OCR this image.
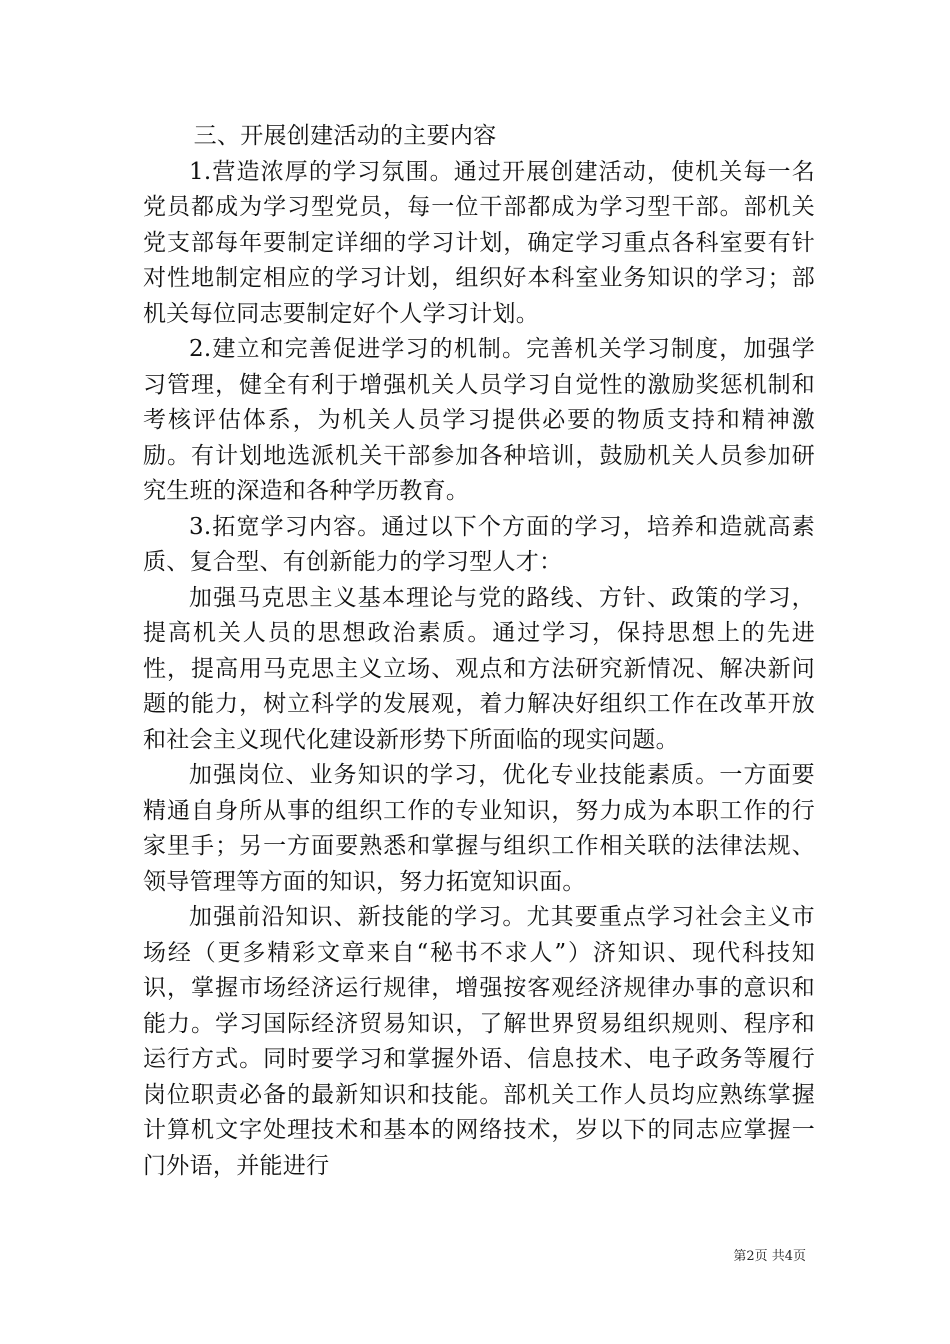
三、开展创建活动的主要内容

1.营造浓厚的学习氛围。通过开展创建活动，使机关每一名党员都成为学习型党员，每一位干部都成为学习型干部。部机关党支部每年要制定详细的学习计划，确定学习重点各科室要有针对性地制定相应的学习计划，组织好本科室业务知识的学习；部机关每位同志要制定好个人学习计划。

2.建立和完善促进学习的机制。完善机关学习制度，加强学习管理，健全有利于增强机关人员学习自觉性的激励奖惩机制和考核评估体系，为机关人员学习提供必要的物质支持和精神激励。有计划地选派机关干部参加各种培训，鼓励机关人员参加研究生班的深造和各种学历教育。

3.拓宽学习内容。通过以下个方面的学习，培养和造就高素质、复合型、有创新能力的学习型人才：

加强马克思主义基本理论与党的路线、方针、政策的学习，提高机关人员的思想政治素质。通过学习，保持思想上的先进性，提高用马克思主义立场、观点和方法研究新情况、解决新问题的能力，树立科学的发展观，着力解决好组织工作在改革开放和社会主义现代化建设新形势下所面临的现实问题。

加强岗位、业务知识的学习，优化专业技能素质。一方面要精通自身所从事的组织工作的专业知识，努力成为本职工作的行家里手；另一方面要熟悉和掌握与组织工作相关联的法律法规、领导管理等方面的知识，努力拓宽知识面。

加强前沿知识、新技能的学习。尤其要重点学习社会主义市场经（更多精彩文章来自“秘书不求人”）济知识、现代科技知识，掌握市场经济运行规律，增强按客观经济规律办事的意识和能力。学习国际经济贸易知识，了解世界贸易组织规则、程序和运行方式。同时要学习和掌握外语、信息技术、电子政务等履行岗位职责必备的最新知识和技能。部机关工作人员均应熟练掌握计算机文字处理技术和基本的网络技术，岁以下的同志应掌握一门外语，并能进行

第2页 共4页
